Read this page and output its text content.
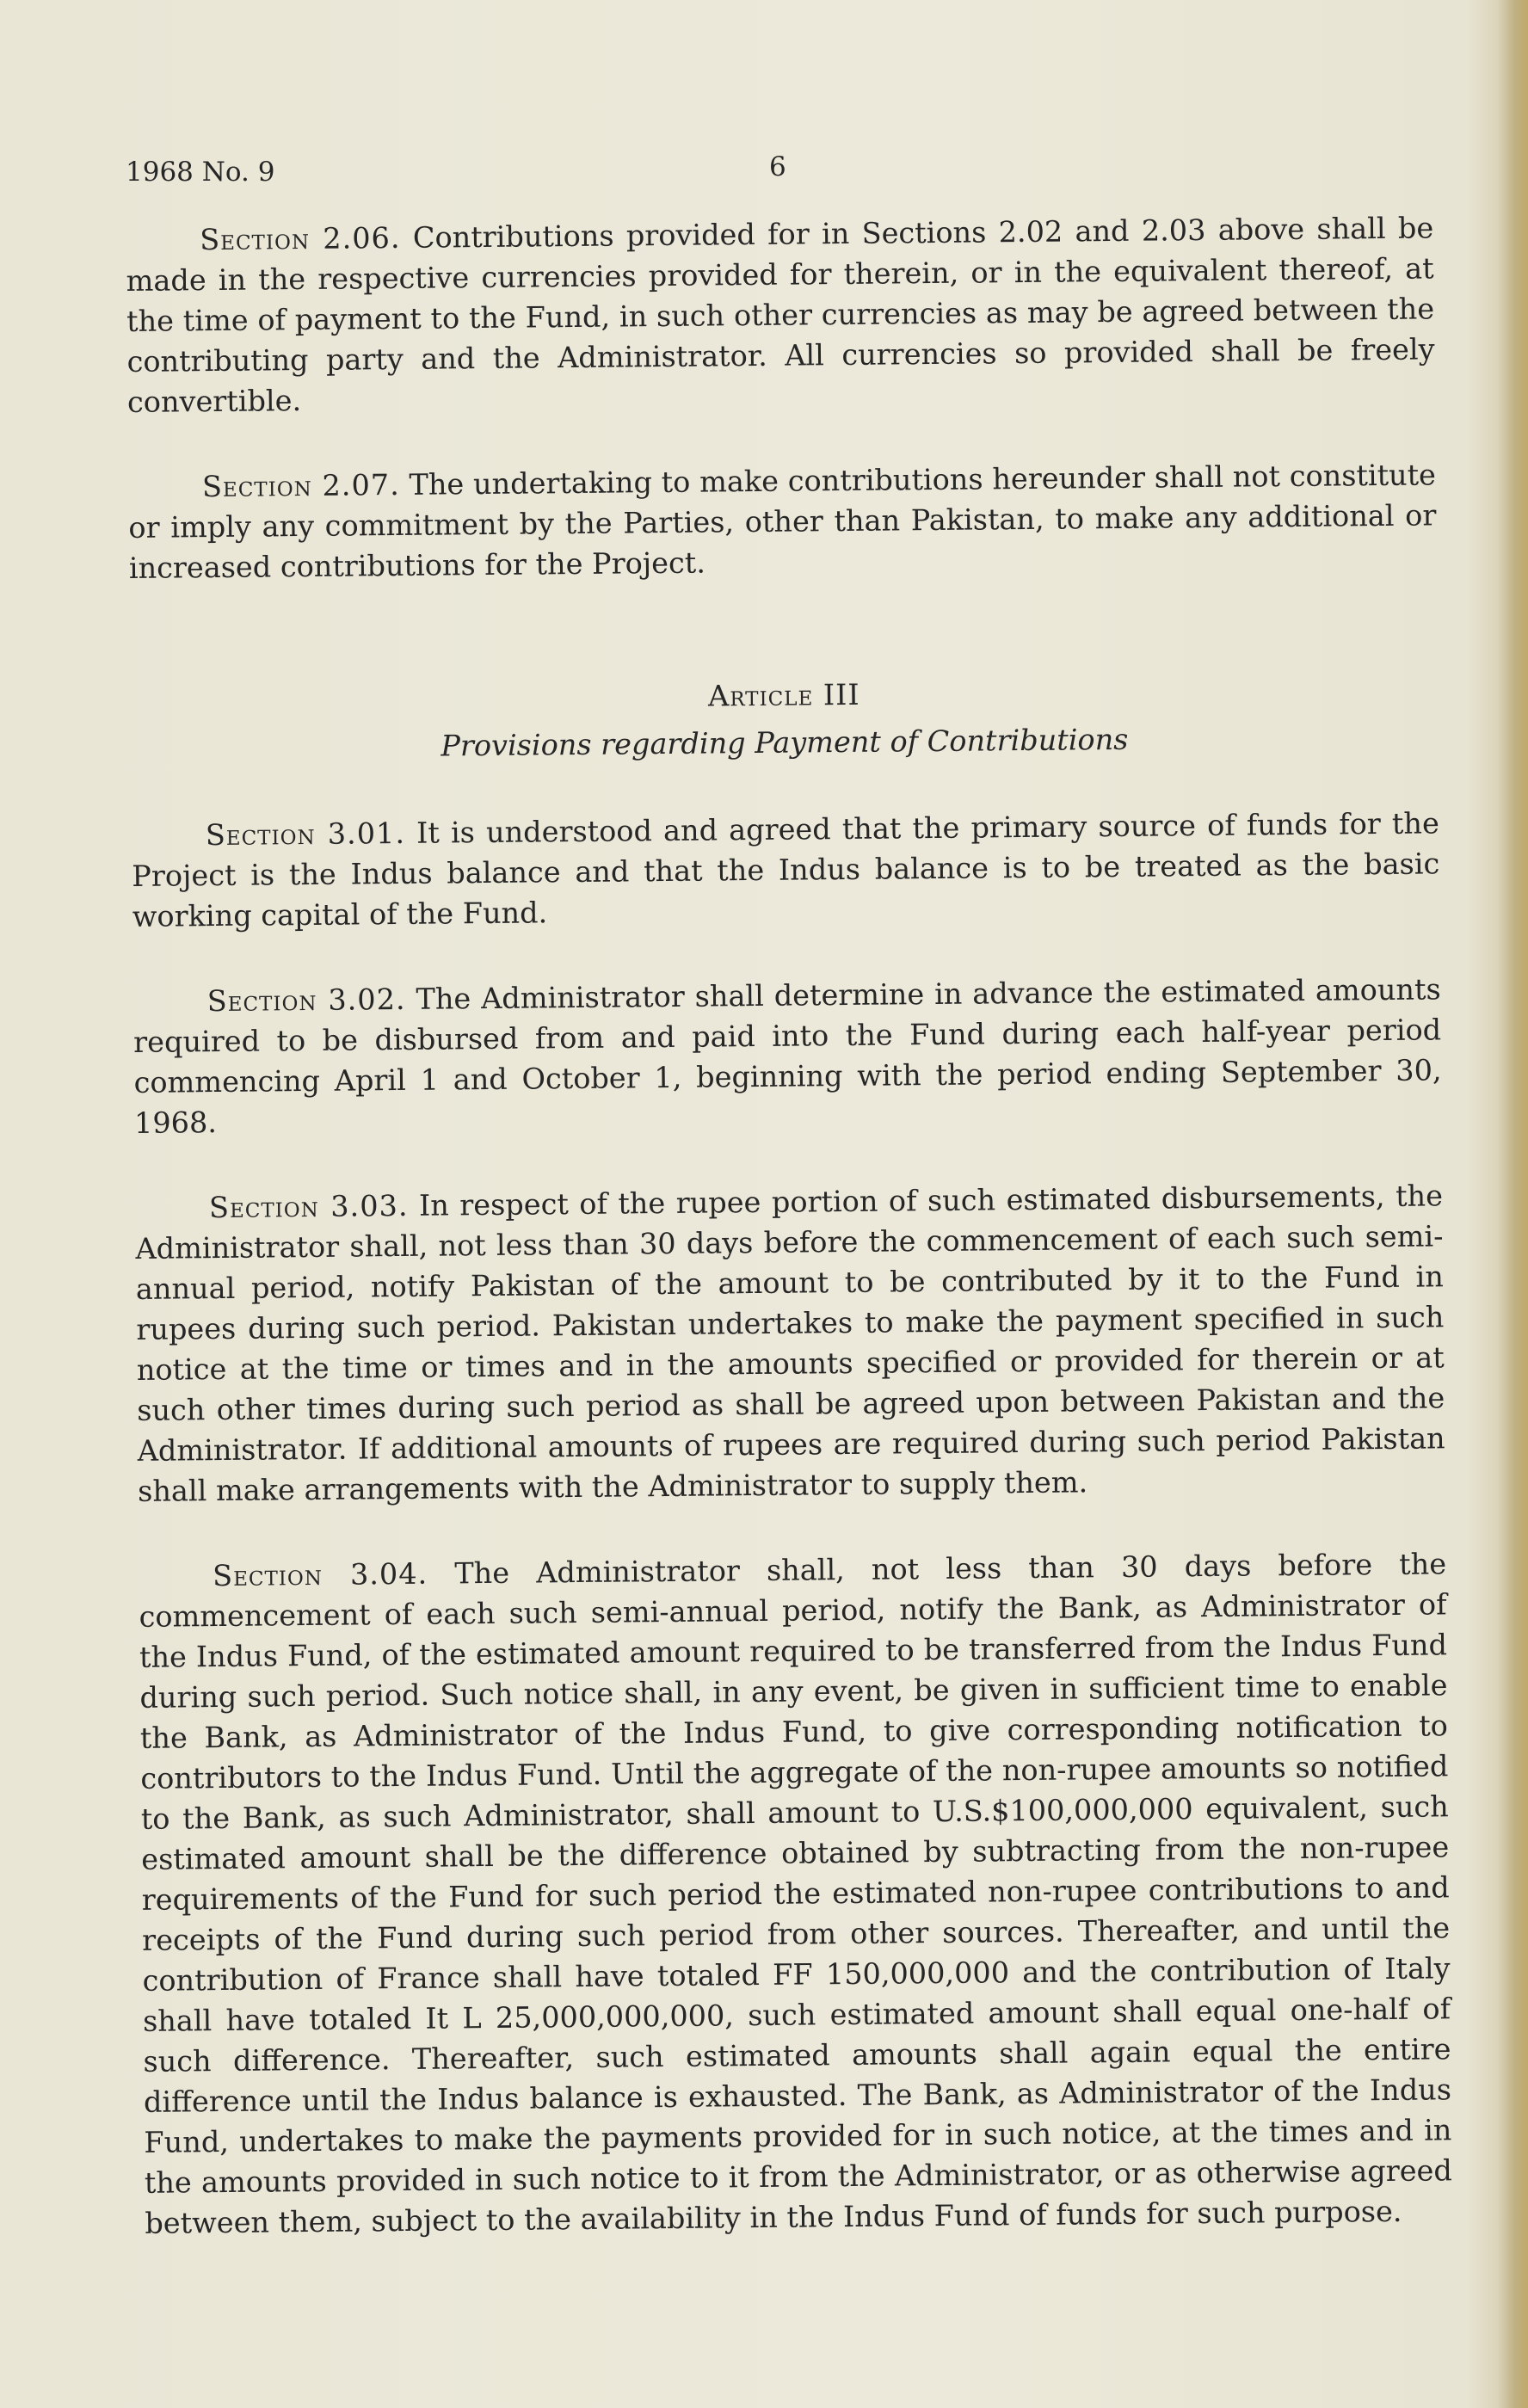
1968 No. 9	6

Section 2.06. Contributions provided for in Sections 2.02 and 2.03 above shall be made in the respective currencies provided for therein, or in the equivalent thereof, at the time of payment to the Fund, in such other currencies as may be agreed between the contributing party and the Administrator. All currencies so provided shall be freely convertible.

Section 2.07. The undertaking to make contributions hereunder shall not constitute or imply any commitment by the Parties, other than Pakistan, to make any additional or increased contributions for the Project.

Article III
Provisions regarding Payment of Contributions

Section 3.01. It is understood and agreed that the primary source of funds for the Project is the Indus balance and that the Indus balance is to be treated as the basic working capital of the Fund.

Section 3.02. The Administrator shall determine in advance the estimated amounts required to be disbursed from and paid into the Fund during each half-year period commencing April 1 and October 1, beginning with the period ending September 30, 1968.

Section 3.03. In respect of the rupee portion of such estimated disbursements, the Administrator shall, not less than 30 days before the commencement of each such semi-annual period, notify Pakistan of the amount to be contributed by it to the Fund in rupees during such period. Pakistan undertakes to make the payment specified in such notice at the time or times and in the amounts specified or provided for therein or at such other times during such period as shall be agreed upon between Pakistan and the Administrator. If additional amounts of rupees are required during such period Pakistan shall make arrangements with the Administrator to supply them.

Section 3.04. The Administrator shall, not less than 30 days before the commencement of each such semi-annual period, notify the Bank, as Administrator of the Indus Fund, of the estimated amount required to be transferred from the Indus Fund during such period. Such notice shall, in any event, be given in sufficient time to enable the Bank, as Administrator of the Indus Fund, to give corresponding notification to contributors to the Indus Fund. Until the aggregate of the non-rupee amounts so notified to the Bank, as such Administrator, shall amount to U.S.$100,000,000 equivalent, such estimated amount shall be the difference obtained by subtracting from the non-rupee requirements of the Fund for such period the estimated non-rupee contributions to and receipts of the Fund during such period from other sources. Thereafter, and until the contribution of France shall have totaled FF 150,000,000 and the contribution of Italy shall have totaled It L 25,000,000,000, such estimated amount shall equal one-half of such difference. Thereafter, such estimated amounts shall again equal the entire difference until the Indus balance is exhausted. The Bank, as Administrator of the Indus Fund, undertakes to make the payments provided for in such notice, at the times and in the amounts provided in such notice to it from the Administrator, or as otherwise agreed between them, subject to the availability in the Indus Fund of funds for such purpose.
